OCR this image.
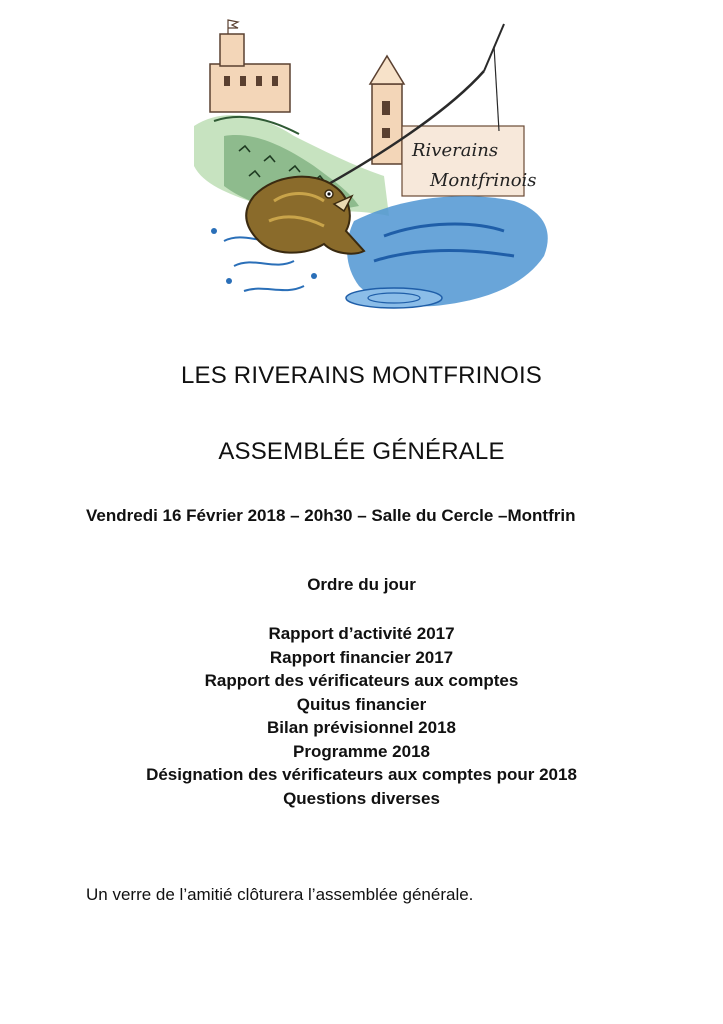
Riverains
Montfrinois
LES RIVERAINS MONTFRINOIS
ASSEMBLÉE GÉNÉRALE
Vendredi 16 Février 2018 – 20h30 – Salle du Cercle –Montfrin
Ordre du jour
Rapport d’activité 2017
Rapport financier 2017
Rapport des vérificateurs aux comptes
Quitus financier
Bilan prévisionnel 2018
Programme 2018
Désignation des vérificateurs aux comptes pour 2018
Questions diverses
Un verre de l’amitié clôturera l’assemblée générale.
